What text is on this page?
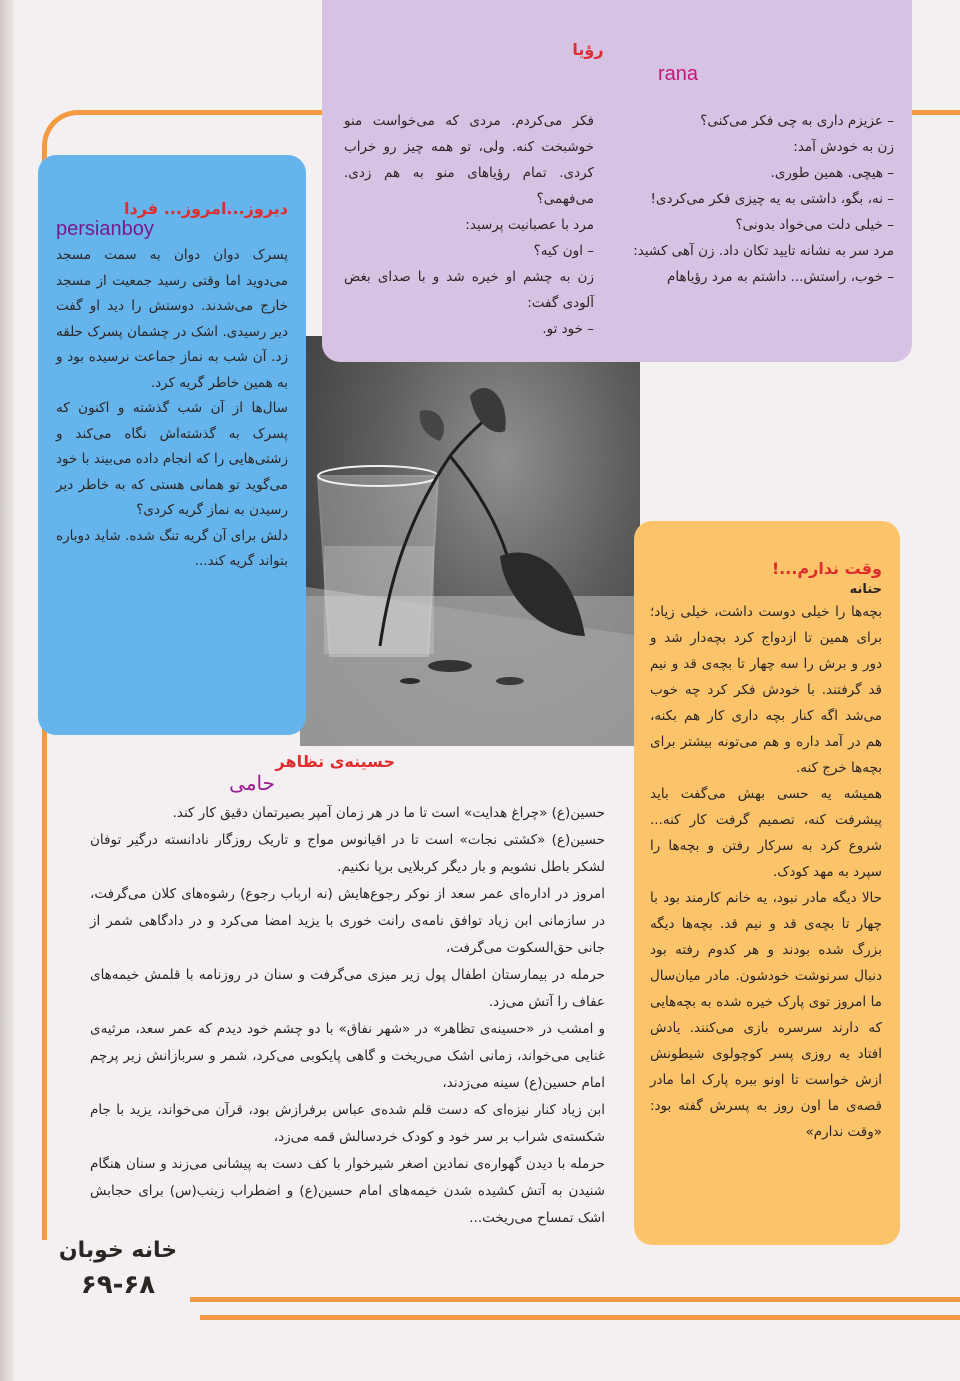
رؤیا
rana

– عزیزم داری به چی فکر می‌کنی؟
زن به خودش آمد:
– هیچی. همین طوری.
– نه، بگو، داشتی به یه چیزی فکر می‌کردی!
– خیلی دلت می‌خواد بدونی؟
مرد سر به نشانه تایید تکان داد. زن آهی کشید:
– خوب، راستش... داشتم به مرد رؤیاهام

فکر می‌کردم. مردی که می‌خواست منو خوشبخت کنه. ولی، تو همه چیز رو خراب کردی. تمام رؤیاهای منو به هم زدی. می‌فهمی؟
مرد با عصبانیت پرسید:
– اون کیه؟
زن به چشم او خیره شد و با صدای بغض آلودی گفت:
– خود تو.

دیروز...امروز... فردا
persianboy

پسرک دوان دوان به سمت مسجد می‌دوید اما وقتی رسید جمعیت از مسجد خارج می‌شدند. دوستش را دید او گفت دیر رسیدی. اشک در چشمان پسرک حلقه زد. آن شب به نماز جماعت نرسیده بود و به همین خاطر گریه کرد.
سال‌ها از آن شب گذشته و اکنون که پسرک به گذشته‌اش نگاه می‌کند و زشتی‌هایی را که انجام داده می‌بیند با خود می‌گوید تو همانی هستی که به خاطر دیر رسیدن به نماز گریه کردی؟
دلش برای آن گریه تنگ شده. شاید دوباره بتواند گریه کند...	وقت ندارم...!
حنانه

بچه‌ها را خیلی دوست داشت، خیلی زیاد؛ برای همین تا ازدواج کرد بچه‌دار شد و دور و برش را سه چهار تا بچه‌ی قد و نیم قد گرفتند. با خودش فکر کرد چه خوب می‌شد اگه کنار بچه داری کار هم بکنه، هم در آمد داره و هم می‌تونه بیشتر برای بچه‌ها خرج کنه.
همیشه یه حسی بهش می‌گفت باید پیشرفت کنه، تصمیم گرفت کار کنه... شروع کرد به سرکار رفتن و بچه‌ها را سپرد به مهد کودک.
حالا دیگه مادر نبود، یه خانم کارمند بود با چهار تا بچه‌ی قد و نیم قد. بچه‌ها دیگه بزرگ شده بودند و هر کدوم رفته بود دنبال سرنوشت خودشون. مادر میان‌سال ما امروز توی پارک خیره شده به بچه‌هایی که دارند سرسره بازی می‌کنند. یادش افتاد یه روزی پسر کوچولوی شیطونش ازش خواست تا اونو ببره پارک اما مادر قصه‌ی ما اون روز به پسرش گفته بود: «وقت ندارم»

حسینه‌ی تظاهر
حامی

حسین(ع) «چراغ هدایت» است تا ما در هر زمان آمپر بصیرتمان دقیق کار کند.
حسین(ع) «کشتی نجات» است تا در اقیانوس مواج و تاریک روزگار نادانسته درگیر توفان لشکر باطل نشویم و بار دیگر کربلایی برپا نکنیم.
امروز در اداره‌ای عمر سعد از نوکر رجوع‌هایش (نه ارباب رجوع) رشوه‌های کلان می‌گرفت، در سازمانی ابن زیاد توافق نامه‌ی رانت خوری با یزید امضا می‌کرد و در دادگاهی شمر از جانی حق‌السکوت می‌گرفت،
حرمله در بیمارستان اطفال پول زیر میزی می‌گرفت و سنان در روزنامه با قلمش خیمه‌های عفاف را آتش می‌زد.
و امشب در «حسینه‌ی تظاهر» در «شهر نفاق» با دو چشم خود دیدم که عمر سعد، مرثیه‌ی غنایی می‌خواند، زمانی اشک می‌ریخت و گاهی پایکوبی می‌کرد، شمر و سربازانش زیر پرچم امام حسین(ع) سینه می‌زدند،
ابن زیاد کنار نیزه‌ای که دست قلم شده‌ی عباس برفرازش بود، قرآن می‌خواند، یزید با جام شکسته‌ی شراب بر سر خود و کودک خردسالش قمه می‌زد،
حرمله با دیدن گهواره‌ی نمادین اصغر شیرخوار با کف دست به پیشانی می‌زند و سنان هنگام شنیدن به آتش کشیده شدن خیمه‌های امام حسین(ع) و اضطراب زینب(س) برای حجابش اشک تمساح می‌ریخت...

خانه خوبان
۶۹-۶۸
